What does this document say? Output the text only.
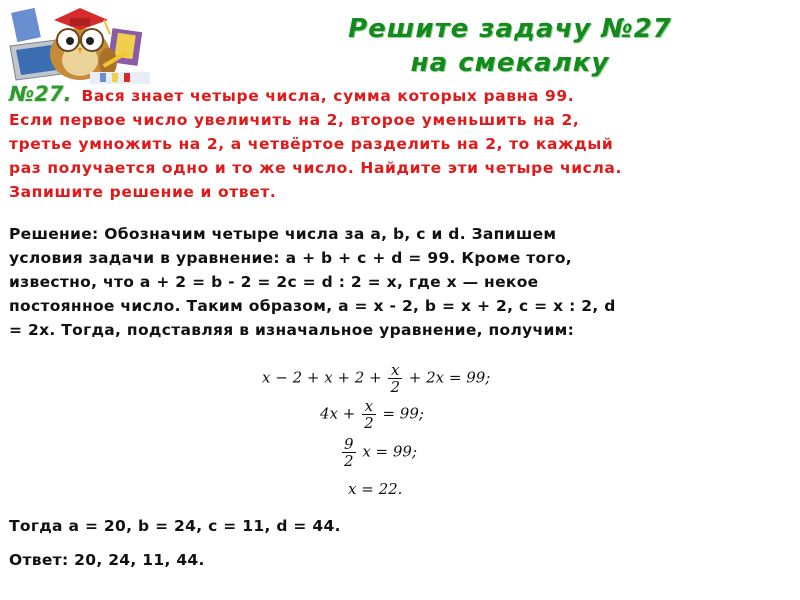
Решите задачу №27
на смекалку
№27. Вася знает четыре числа, сумма которых равна 99.
Если первое число увеличить на 2, второе уменьшить на 2,
третье умножить на 2, а четвёртое разделить на 2, то каждый
раз получается одно и то же число. Найдите эти четыре числа.
Запишите решение и ответ.
Решение: Обозначим четыре числа за a, b, c и d. Запишем
условия задачи в уравнение: a + b + c + d = 99. Кроме того,
известно, что a + 2 = b - 2 = 2c = d : 2 = x, где x — некое
постоянное число. Таким образом, a = x - 2, b = x + 2, c = x : 2, d
= 2x. Тогда, подставляя в изначальное уравнение, получим:
$x - 2 + x + 2 + \frac{x}{2} + 2x = 99$;
$4x + \frac{x}{2} = 99$;
$\frac{9}{2}$ x = 99;
x = 22.
Тогда a = 20, b = 24, c = 11, d = 44.
Ответ: 20, 24, 11, 44.
